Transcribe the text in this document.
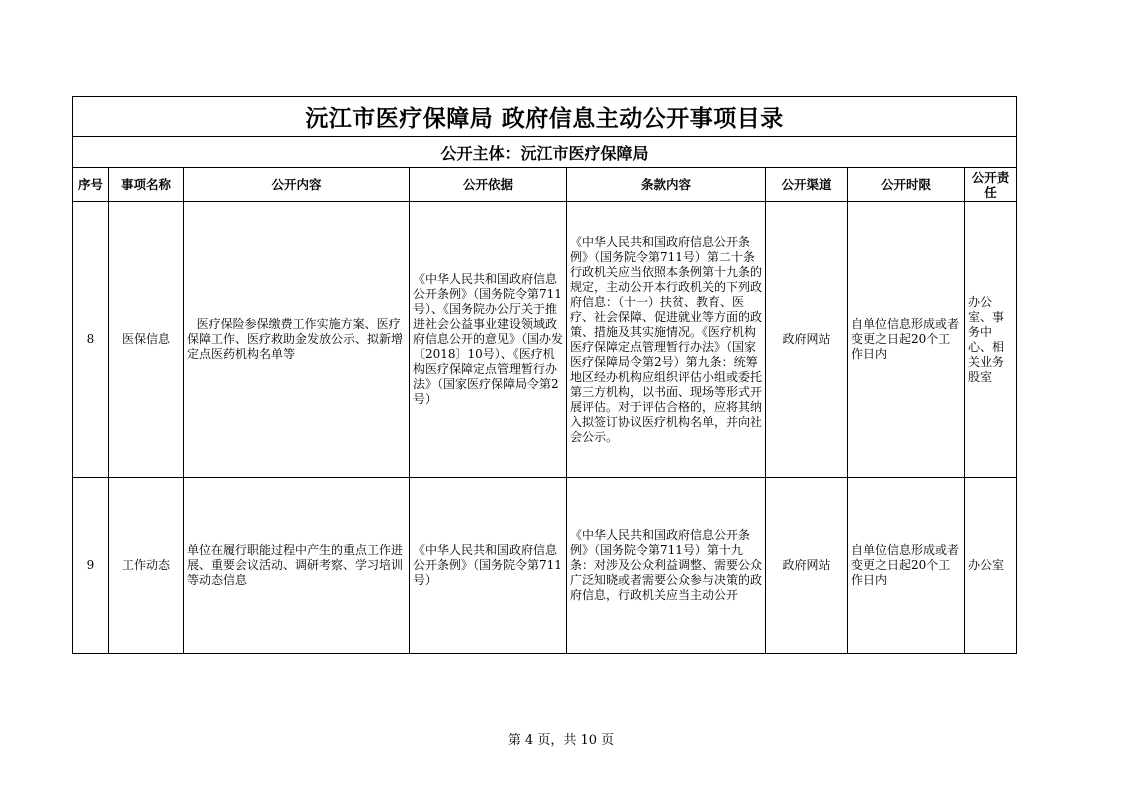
沅江市医疗保障局 政府信息主动公开事项目录							
公开主体：沅江市医疗保障局							
序号	事项名称	公开内容	公开依据	条款内容	公开渠道	公开时限	公开责任
8	医保信息	医疗保险参保缴费工作实施方案、医疗保障工作、医疗救助金发放公示、拟新增定点医药机构名单等	《中华人民共和国政府信息公开条例》（国务院令第711号）、《国务院办公厅关于推进社会公益事业建设领域政府信息公开的意见》（国办发〔2018〕10号）、《医疗机构医疗保障定点管理暂行办法》（国家医疗保障局令第2号）	《中华人民共和国政府信息公开条例》（国务院令第711号）第二十条 行政机关应当依照本条例第十九条的规定，主动公开本行政机关的下列政府信息：（十一）扶贫、教育、医疗、社会保障、促进就业等方面的政策、措施及其实施情况。《医疗机构医疗保障定点管理暂行办法》（国家医疗保障局令第2号）第九条：统筹地区经办机构应组织评估小组或委托第三方机构，以书面、现场等形式开展评估。对于评估合格的，应将其纳入拟签订协议医疗机构名单，并向社会公示。	政府网站	自单位信息形成或者变更之日起20个工作日内	办公室、事务中心、相关业务股室
9	工作动态	单位在履行职能过程中产生的重点工作进展、重要会议活动、调研考察、学习培训等动态信息	《中华人民共和国政府信息公开条例》（国务院令第711号）	《中华人民共和国政府信息公开条例》（国务院令第711号）第十九条：对涉及公众利益调整、需要公众广泛知晓或者需要公众参与决策的政府信息，行政机关应当主动公开	政府网站	自单位信息形成或者变更之日起20个工作日内	办公室
第 4 页，共 10 页
